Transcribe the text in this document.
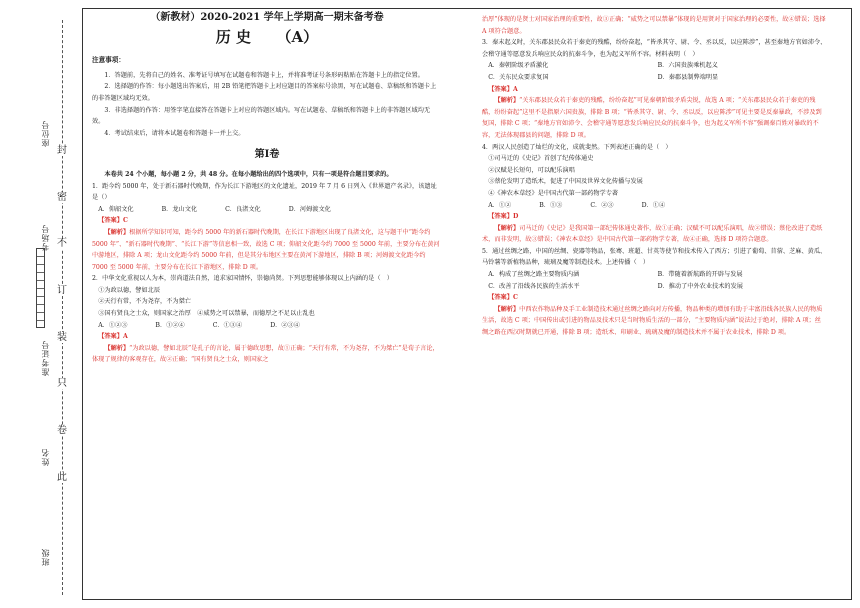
封
密
不
订
装
只
卷
此
座位号
考场号
准考证号
姓名
班级
（新教材）2020-2021 学年上学期高一期末备考卷
历 史　 （A）
注意事项：
1．答题前，先将自己的姓名、准考证号填写在试题卷和答题卡上，并将准考证号条形码粘贴在答题卡上的指定位置。
2．选择题的作答：每小题选出答案后，用 2B 铅笔把答题卡上对应题目的答案标号涂黑，写在试题卷、草稿纸和答题卡上的非答题区域均无效。
3．非选择题的作答：用签字笔直接答在答题卡上对应的答题区域内。写在试题卷、草稿纸和答题卡上的非答题区域均无效。
4．考试结束后，请将本试题卷和答题卡一并上交。
第Ⅰ卷
本卷共 24 个小题，每小题 2 分，共 48 分。在每小题给出的四个选项中，只有一项是符合题目要求的。
1．距今约 5000 年，处于新石器时代晚期，作为长江下游地区的文化遗址，2019 年 7 月 6 日列入《世界遗产名录》，该遗址是（）
A．仰韶文化	B．龙山文化	C．良渚文化	D．河姆渡文化
【答案】C
【解析】根据所学知识可知，距今约 5000 年的新石器时代晚期，在长江下游地区出现了良渚文化，这与题干中“距今约 5000 年”、“新石器时代晚期”、“长江下游”等信息相一致，故选 C 项；仰韶文化距今约 7000 至 5000 年前，主要分布在黄河中游地区，排除 A 项；龙山文化距今约 5000 年前，但是其分布地区主要在黄河下游地区，排除 B 项；河姆渡文化距今约 7000 至 5000 年前，主要分布在长江下游地区，排除 D 项。
2．中华文化重视以人为本，崇尚道法自然，追求家国情怀，崇德尚贤。下列思想能够体现以上内涵的是（　）
①为政以德，譬如北辰
②天行有常，不为尧存，不为桀亡
③国有贤良之士众，则国家之治厚　④威势之可以禁暴，而德厚之不足以止乱也
A．①②③	B．①②④	C．①③④	D．②③④
【答案】A
【解析】“为政以德，譬如北辰”是孔子的言论，属于德政思想，故①正确；“天行有常，不为尧存，不为桀亡”是荀子言论，体现了规律的客观存在，故②正确；“国有贤良之士众，则国家之
治厚”体现的是贤士对国家治理的重要性，故③正确；“威势之可以禁暴”体现的是用贤对于国家治理的必要性，故④错误；选择 A 项符合题意。
3．秦末起义时，关东郡县民众若于秦吏的残酷，纷纷奋起，“皆杀其守、尉、令、丞以反，以应陈涉”，甚至秦地方官如沛令、会稽守通等愿意发兵响应民众的抗秦斗争，也为起义军所不容。材料表明（　）
A．秦朝阶级矛盾激化	B．六国贵族乘机起义
C．关东民众要求复国	D．秦郡县制弊端明显
【答案】A
【解析】“关东郡县民众若于秦吏的残酷，纷纷奋起”可见秦朝阶级矛盾尖锐，故选 A 项；“关东郡县民众若于秦吏的残酷，纷纷奋起”这里不是指原六国贵族，排除 B 项；“皆杀其守、尉、令、丞以反，以应陈涉”可见主要是反秦暴政，不涉及到复国，排除 C 项；“秦地方官如沛令、会稽守通等愿意发兵响应民众的抗秦斗争，也为起义军所不容”强调秦百姓对暴政的不容，无法体现郡县的问题，排除 D 项。
4．两汉人民创造了灿烂的文化，成就斐然。下列表述正确的是（　）
①司马迁的《史记》首创了纪传体通史
②汉赋是长短句，可以配乐演唱
③蔡伦发明了造纸术，促进了中国及世界文化传播与发展
④《神农本草经》是中国古代第一部药物学专著
A．①②	B．①③	C．②③	D．①④
【答案】D
【解析】司马迁的《史记》是我国第一部纪传体通史著作，故①正确；汉赋不可以配乐演唱，故②错误；蔡伦改进了造纸术，而非发明，故③错误；《神农本草经》是中国古代第一部药物学专著，故④正确，选择 D 项符合题意。
5．通过丝绸之路，中国的丝绸、瓷器等物品，张骞、班超、甘英等使节和技术传入了西方；引进了葡萄、苜蓿、芝麻、黄瓜、马铃薯等新植物品种，琉璃及魔等制造技术。上述传播（　）
A．构成了丝绸之路主要物质内涵	B．带随着新航路的开辟与发展
C．改善了沿线各民族的生活水平	D．推动了中外农业技术的发展
【答案】C
【解析】中西农作物品种及手工业制造技术通过丝绸之路向对方传播，物品种类的增加有助于丰富沿线各民族人民的物质生活，故选 C 项；中国传出或引进的物品及技术只是当时物质生活的一部分，“主要物质内涵”说法过于绝对，排除 A 项；丝绸之路在西汉时期就已开通，排除 B 项；造纸术、印刷业、琉璃及魔的制造技术并不属于农业技术，排除 D 项。
